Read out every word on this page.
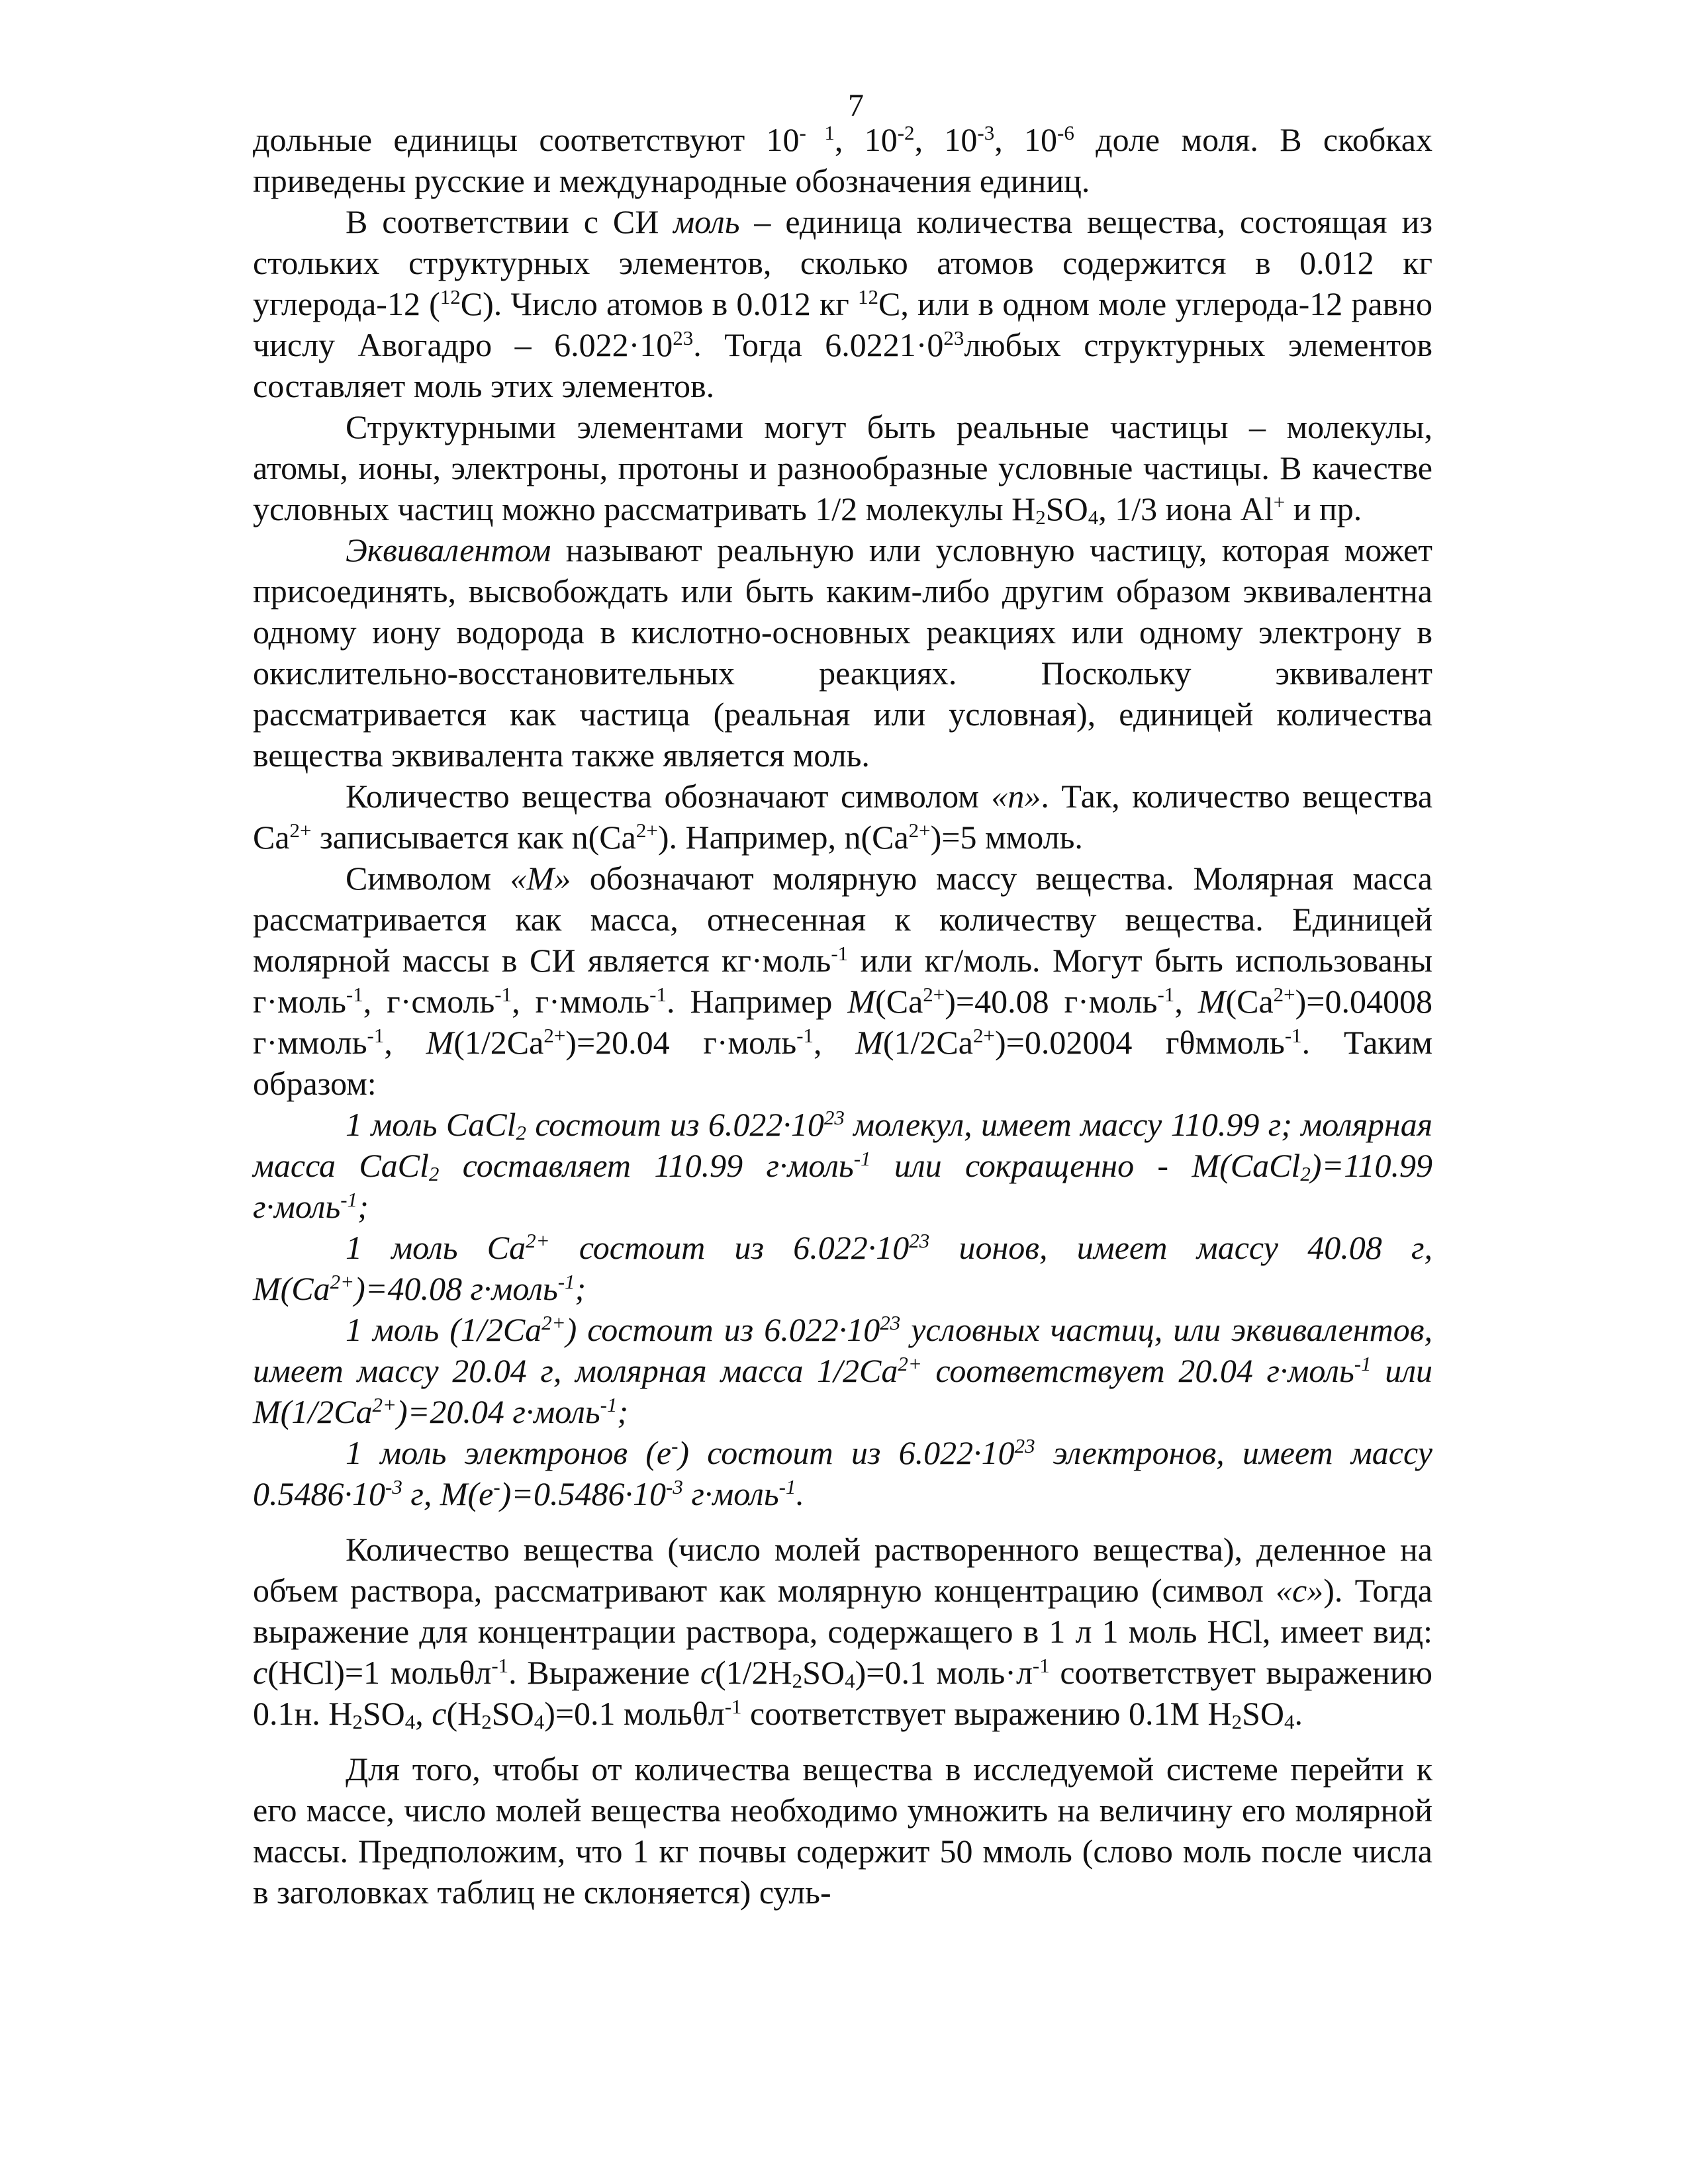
7

дольные единицы соответствуют $10^{- 1}$, $10^{-2}$, $10^{-3}$, $10^{-6}$ доле моля. В скобках приведены русские и международные обозначения единиц.

В соответствии с СИ моль – единица количества вещества, состоящая из стольких структурных элементов, сколько атомов содержится в 0.012 кг углерода-12 ($^{12}$C). Число атомов в 0.012 кг $^{12}$C, или в одном моле углерода-12 равно числу Авогадро – $6.022\cdot 10^{23}$. Тогда $6.0221\cdot 0^{23}любых$ структурных элементов составляет моль этих элементов.

Структурными элементами могут быть реальные частицы – молекулы, атомы, ионы, электроны, протоны и разнообразные условные частицы. В качестве условных частиц можно рассматривать 1/2 молекулы $H_2SO_4$, 1/3 иона Al+ и пр.

Эквивалентом называют реальную или условную частицу, которая может присоединять, высвобождать или быть каким-либо другим образом эквивалентна одному иону водорода в кислотно-основных реакциях или одному электрону в окислительно-восстановительных реакциях. Поскольку эквивалент рассматривается как частица (реальная или условная), единицей количества вещества эквивалента также является моль.

Количество вещества обозначают символом «n». Так, количество вещества $Ca^{2+}$ записывается как $n(Ca^{2+})$. Например, $n(Ca^{2+})=5$ ммоль.

Символом «M» обозначают молярную массу вещества. Молярная масса рассматривается как масса, отнесенная к количеству вещества. Единицей молярной массы в СИ является кг·моль$^{-1}$ или кг/моль. Могут быть использованы г·моль$^{-1}$, г·смоль$^{-1}$, г·ммоль$^{-1}$. Например $M(Ca^{2+})=40.08$ г·моль$^{-1}$, $M(Ca^{2+})=0.04008$ г·ммоль$^{-1}$, $M(1/2Ca^{2+})=20.04$ г·моль$^{-1}$, $M(1/2Ca^{2+})=0.02004$ гθммоль$^{-1}$. Таким образом:

1 моль CaCl$_2$ состоит из $6.022\cdot 10^{23}$ молекул, имеет массу 110.99 г; молярная масса CaCl$_2$ составляет 110.99 г·моль$^{-1}$ или сокращенно - M(CaCl$_2$)=110.99 г·моль$^{-1}$;

1 моль $Ca^{2+}$ состоит из $6.022\cdot 10^{23}$ ионов, имеет массу 40.08 г, $M(Ca^{2+})=40.08$ г·моль$^{-1}$;

1 моль $(1/2Ca^{2+})$ состоит из $6.022\cdot 10^{23}$ условных частиц, или эквивалентов, имеет массу 20.04 г, молярная масса $1/2Ca^{2+}$ соответствует 20.04 г·моль$^{-1}$ или $M(1/2Ca^{2+})=20.04$ г·моль$^{-1}$;

1 моль электронов (e-) состоит из $6.022\cdot 10^{23}$ электронов, имеет массу $0.5486\cdot 10^{-3}$ г, $M(e^-)=0.5486\cdot 10^{-3}$ г·моль$^{-1}$.

Количество вещества (число молей растворенного вещества), деленное на объем раствора, рассматривают как молярную концентрацию (символ «c»). Тогда выражение для концентрации раствора, содержащего в 1 л 1 моль HCl, имеет вид: c(HCl)=1 мольθл$^{-1}$. Выражение $c(1/2H_2SO_4)=0.1$ $моль\cdot л^{-1}$ соответствует выражению 0.1н. $H_2SO_4$, $c(H_2SO_4)=0.1$ мольθл$^{-1}$ соответствует выражению 0.1M $H_2SO_4$.

Для того, чтобы от количества вещества в исследуемой системе перейти к его массе, число молей вещества необходимо умножить на величину его молярной массы. Предположим, что 1 кг почвы содержит 50 ммоль (слово моль после числа в заголовках таблиц не склоняется) суль-
